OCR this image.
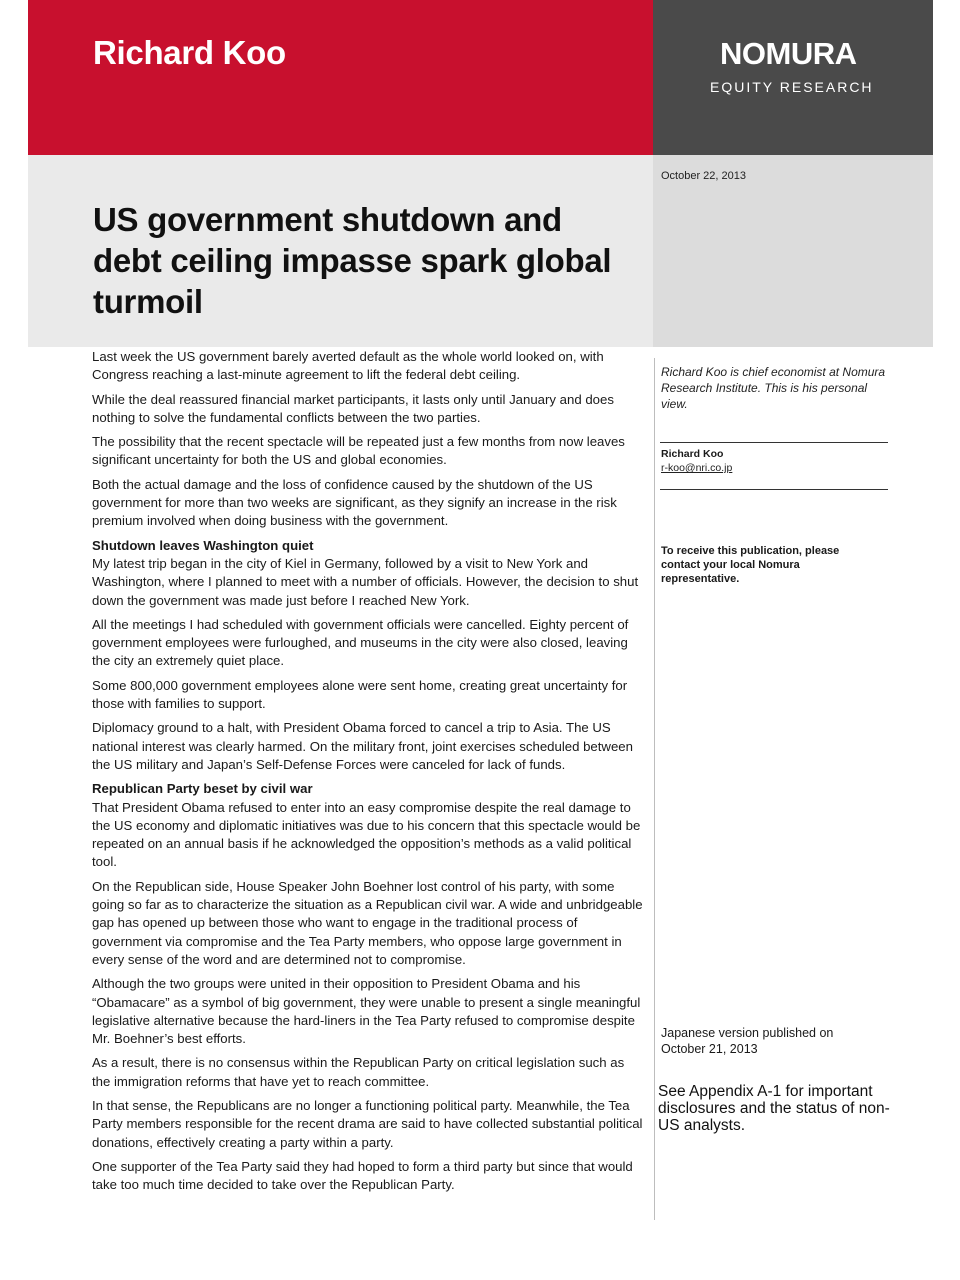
Richard Koo	NOMURA
EQUITY RESEARCH
October 22, 2013
US government shutdown and debt ceiling impasse spark global turmoil

Last week the US government barely averted default as the whole world looked on, with Congress reaching a last-minute agreement to lift the federal debt ceiling.

While the deal reassured financial market participants, it lasts only until January and does nothing to solve the fundamental conflicts between the two parties.

The possibility that the recent spectacle will be repeated just a few months from now leaves significant uncertainty for both the US and global economies.

Both the actual damage and the loss of confidence caused by the shutdown of the US government for more than two weeks are significant, as they signify an increase in the risk premium involved when doing business with the government.

Shutdown leaves Washington quiet

My latest trip began in the city of Kiel in Germany, followed by a visit to New York and Washington, where I planned to meet with a number of officials. However, the decision to shut down the government was made just before I reached New York.

All the meetings I had scheduled with government officials were cancelled. Eighty percent of government employees were furloughed, and museums in the city were also closed, leaving the city an extremely quiet place.

Some 800,000 government employees alone were sent home, creating great uncertainty for those with families to support.

Diplomacy ground to a halt, with President Obama forced to cancel a trip to Asia. The US national interest was clearly harmed. On the military front, joint exercises scheduled between the US military and Japan’s Self-Defense Forces were canceled for lack of funds.

Republican Party beset by civil war

That President Obama refused to enter into an easy compromise despite the real damage to the US economy and diplomatic initiatives was due to his concern that this spectacle would be repeated on an annual basis if he acknowledged the opposition’s methods as a valid political tool.

On the Republican side, House Speaker John Boehner lost control of his party, with some going so far as to characterize the situation as a Republican civil war. A wide and unbridgeable gap has opened up between those who want to engage in the traditional process of government via compromise and the Tea Party members, who oppose large government in every sense of the word and are determined not to compromise.

Although the two groups were united in their opposition to President Obama and his “Obamacare” as a symbol of big government, they were unable to present a single meaningful legislative alternative because the hard-liners in the Tea Party refused to compromise despite Mr. Boehner’s best efforts.

As a result, there is no consensus within the Republican Party on critical legislation such as the immigration reforms that have yet to reach committee.

In that sense, the Republicans are no longer a functioning political party. Meanwhile, the Tea Party members responsible for the recent drama are said to have collected substantial political donations, effectively creating a party within a party.

One supporter of the Tea Party said they had hoped to form a third party but since that would take too much time decided to take over the Republican Party.

Richard Koo is chief economist at Nomura Research Institute. This is his personal view.
Richard Koo
r-koo@nri.co.jp
To receive this publication, please contact your local Nomura representative.
Japanese version published on October 21, 2013
See Appendix A-1 for important disclosures and the status of non-US analysts.
